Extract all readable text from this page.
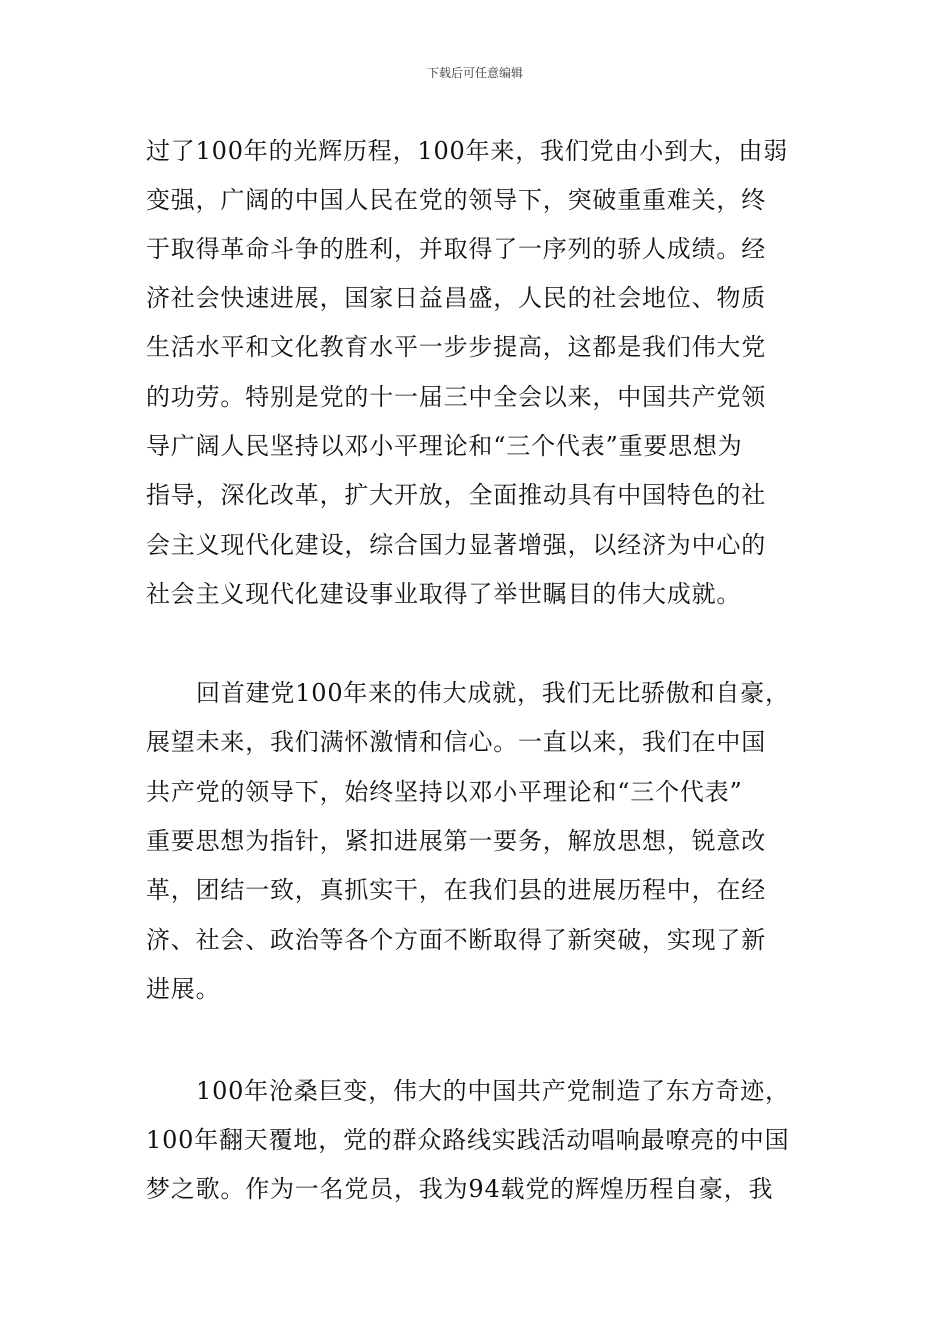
下载后可任意编辑
过了100年的光辉历程，100年来，我们党由小到大，由弱
变强，广阔的中国人民在党的领导下，突破重重难关，终
于取得革命斗争的胜利，并取得了一序列的骄人成绩。经
济社会快速进展，国家日益昌盛，人民的社会地位、物质
生活水平和文化教育水平一步步提高，这都是我们伟大党
的功劳。特别是党的十一届三中全会以来，中国共产党领
导广阔人民坚持以邓小平理论和“三个代表”重要思想为
指导，深化改革，扩大开放，全面推动具有中国特色的社
会主义现代化建设，综合国力显著增强，以经济为中心的
社会主义现代化建设事业取得了举世瞩目的伟大成就。
回首建党100年来的伟大成就，我们无比骄傲和自豪，
展望未来，我们满怀激情和信心。一直以来，我们在中国
共产党的领导下，始终坚持以邓小平理论和“三个代表”
重要思想为指针，紧扣进展第一要务，解放思想，锐意改
革，团结一致，真抓实干，在我们县的进展历程中，在经
济、社会、政治等各个方面不断取得了新突破，实现了新
进展。
100年沧桑巨变，伟大的中国共产党制造了东方奇迹，
100年翻天覆地，党的群众路线实践活动唱响最嘹亮的中国
梦之歌。作为一名党员，我为94载党的辉煌历程自豪，我
